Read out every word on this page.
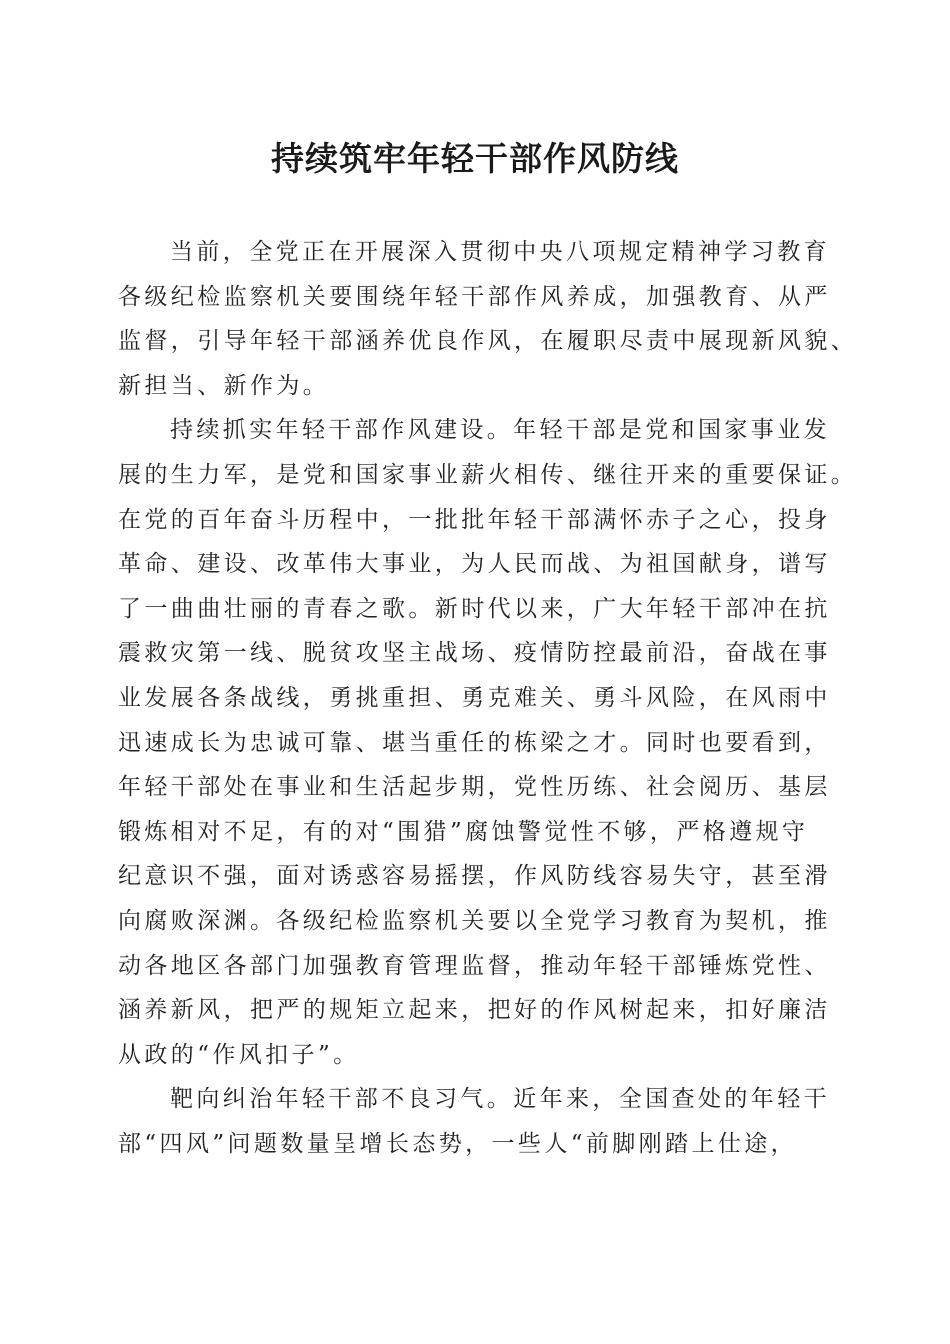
持续筑牢年轻干部作风防线
当前，全党正在开展深入贯彻中央八项规定精神学习教育
各级纪检监察机关要围绕年轻干部作风养成，加强教育、从严
监督，引导年轻干部涵养优良作风，在履职尽责中展现新风貌、
新担当、新作为。
持续抓实年轻干部作风建设。年轻干部是党和国家事业发
展的生力军，是党和国家事业薪火相传、继往开来的重要保证。
在党的百年奋斗历程中，一批批年轻干部满怀赤子之心，投身
革命、建设、改革伟大事业，为人民而战、为祖国献身，谱写
了一曲曲壮丽的青春之歌。新时代以来，广大年轻干部冲在抗
震救灾第一线、脱贫攻坚主战场、疫情防控最前沿，奋战在事
业发展各条战线，勇挑重担、勇克难关、勇斗风险，在风雨中
迅速成长为忠诚可靠、堪当重任的栋梁之才。同时也要看到，
年轻干部处在事业和生活起步期，党性历练、社会阅历、基层
锻炼相对不足，有的对“围猎”腐蚀警觉性不够，严格遵规守
纪意识不强，面对诱惑容易摇摆，作风防线容易失守，甚至滑
向腐败深渊。各级纪检监察机关要以全党学习教育为契机，推
动各地区各部门加强教育管理监督，推动年轻干部锤炼党性、
涵养新风，把严的规矩立起来，把好的作风树起来，扣好廉洁
从政的“作风扣子”。
靶向纠治年轻干部不良习气。近年来，全国查处的年轻干
部“四风”问题数量呈增长态势，一些人“前脚刚踏上仕途，
